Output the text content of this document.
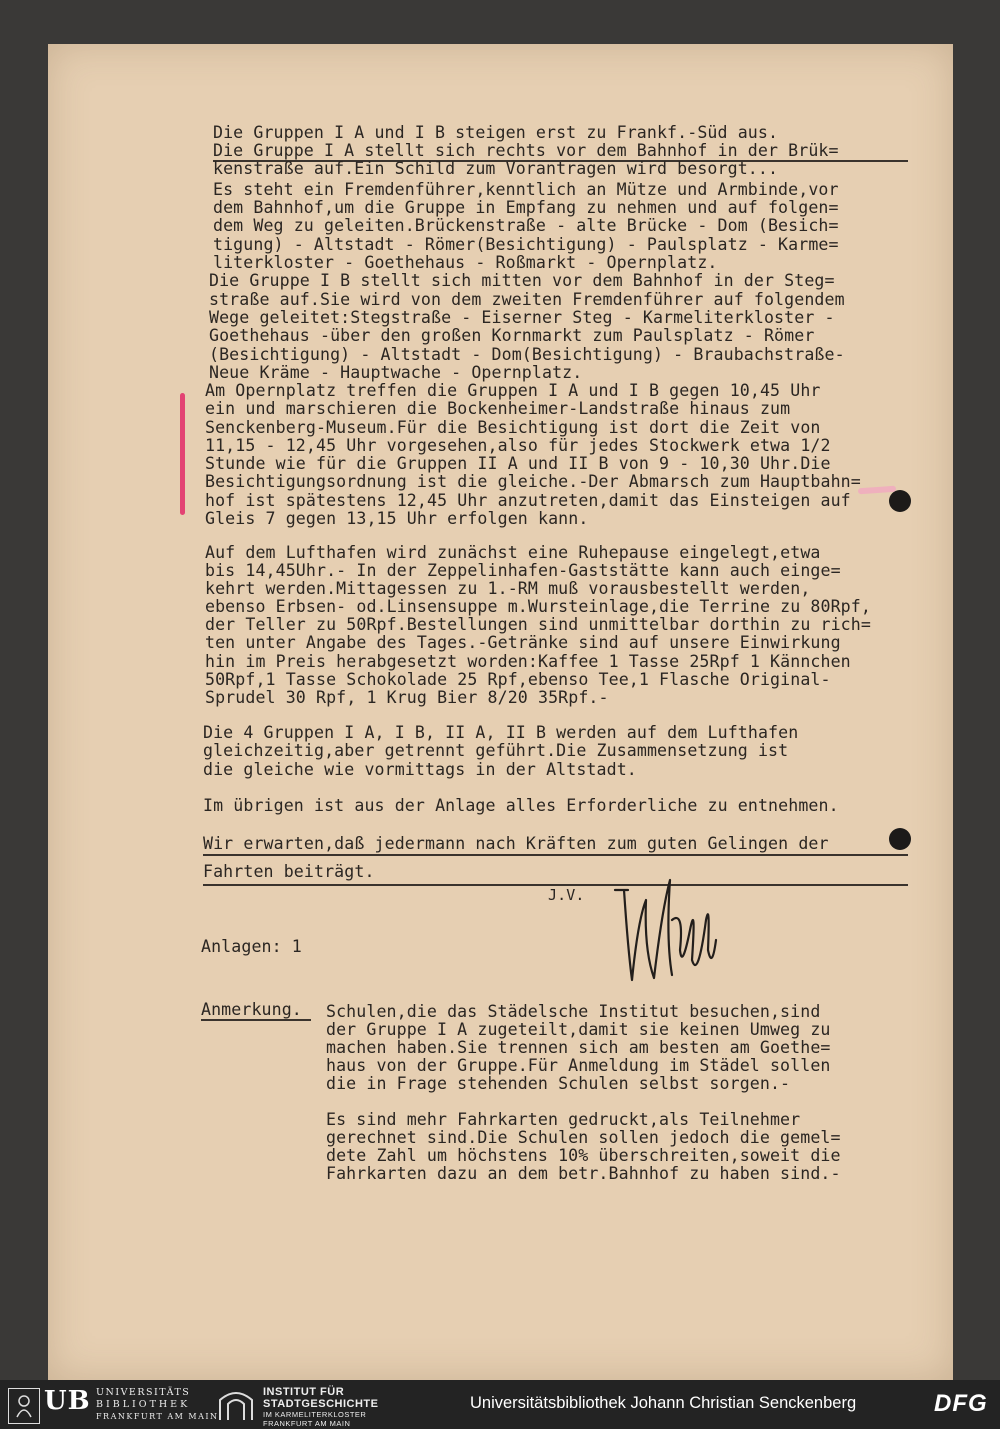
Die Gruppen I A und I B steigen erst zu Frankf.-Süd aus.
Die Gruppe I A stellt sich rechts vor dem Bahnhof in der Brük=
kenstraße auf.Ein Schild zum Vorantragen wird besorgt...
Es steht ein Fremdenführer,kenntlich an Mütze und Armbinde,vor
dem Bahnhof,um die Gruppe in Empfang zu nehmen und auf folgen=
dem Weg zu geleiten.Brückenstraße - alte Brücke - Dom (Besich=
tigung) - Altstadt - Römer(Besichtigung) - Paulsplatz - Karme=
literkloster - Goethehaus - Roßmarkt - Opernplatz.
Die Gruppe I B stellt sich mitten vor dem Bahnhof in der Steg=
straße auf.Sie wird von dem zweiten Fremdenführer auf folgendem
Wege geleitet:Stegstraße - Eiserner Steg - Karmeliterkloster -
Goethehaus -über den großen Kornmarkt zum Paulsplatz - Römer
(Besichtigung) - Altstadt - Dom(Besichtigung) - Braubachstraße-
Neue Kräme - Hauptwache - Opernplatz.
Am Opernplatz treffen die Gruppen I A und I B gegen 10,45 Uhr
ein und marschieren die Bockenheimer-Landstraße hinaus zum
Senckenberg-Museum.Für die Besichtigung ist dort die Zeit von
11,15 - 12,45 Uhr vorgesehen,also für jedes Stockwerk etwa 1/2
Stunde wie für die Gruppen II A und II B von 9 - 10,30 Uhr.Die
Besichtigungsordnung ist die gleiche.-Der Abmarsch zum Hauptbahn=
hof ist spätestens 12,45 Uhr anzutreten,damit das Einsteigen auf
Gleis 7 gegen 13,15 Uhr erfolgen kann.
Auf dem Lufthafen wird zunächst eine Ruhepause eingelegt,etwa
bis 14,45Uhr.- In der Zeppelinhafen-Gaststätte kann auch einge=
kehrt werden.Mittagessen zu 1.-RM muß vorausbestellt werden,
ebenso Erbsen- od.Linsensuppe m.Wursteinlage,die Terrine zu 80Rpf,
der Teller zu 50Rpf.Bestellungen sind unmittelbar dorthin zu rich=
ten unter Angabe des Tages.-Getränke sind auf unsere Einwirkung
hin im Preis herabgesetzt worden:Kaffee 1 Tasse 25Rpf 1 Kännchen
50Rpf,1 Tasse Schokolade 25 Rpf,ebenso Tee,1 Flasche Original-
Sprudel 30 Rpf, 1 Krug Bier 8/20 35Rpf.-
Die 4 Gruppen I A, I B, II A, II B werden auf dem Lufthafen
gleichzeitig,aber getrennt geführt.Die Zusammensetzung ist
die gleiche wie vormittags in der Altstadt.
Im übrigen ist aus der Anlage alles Erforderliche zu entnehmen.
Wir erwarten,daß jedermann nach Kräften zum guten Gelingen der
Fahrten beiträgt.
J.V.
Anlagen: 1
Anmerkung. Schulen,die das Städelsche Institut besuchen,sind
der Gruppe I A zugeteilt,damit sie keinen Umweg zu
machen haben.Sie trennen sich am besten am Goethe=
haus von der Gruppe.Für Anmeldung im Städel sollen
die in Frage stehenden Schulen selbst sorgen.-
Es sind mehr Fahrkarten gedruckt,als Teilnehmer
gerechnet sind.Die Schulen sollen jedoch die gemel=
dete Zahl um höchstens 10% überschreiten,soweit die
Fahrkarten dazu an dem betr.Bahnhof zu haben sind.-
UB UNIVERSITÄTS
BIBLIOTHEK
FRANKFURT AM MAIN
INSTITUT FÜR
STADTGESCHICHTE
IM KARMELITERKLOSTER
FRANKFURT AM MAIN
Universitätsbibliothek Johann Christian Senckenberg	DFG
